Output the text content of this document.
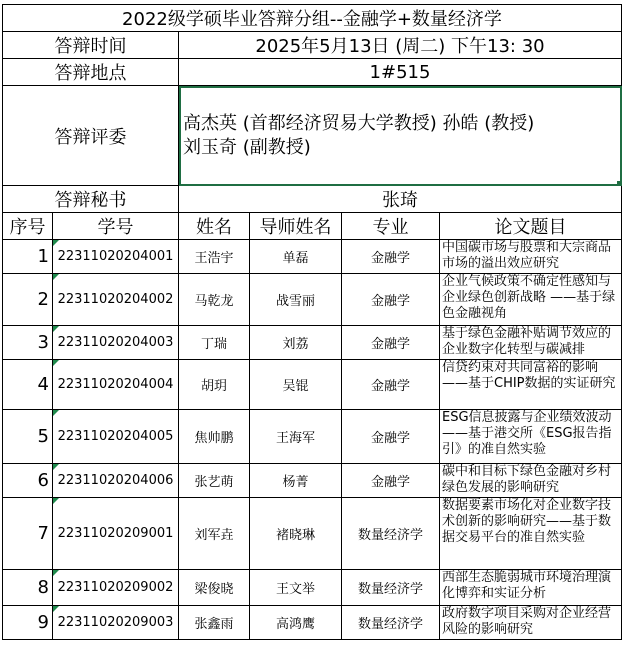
2022级学硕毕业答辩分组--金融学+数量经济学					
答辩时间		2025年5月13日 (周二) 下午13: 30			
答辩地点		1#515			
答辩评委		高杰英 (首都经济贸易大学教授) 孙皓 (教授)
刘玉奇 (副教授)			

答辩秘书		张琦			
序号	学号	姓名	导师姓名	专业	论文题目
1	22311020204001	王浩宇	单磊	金融学	中国碳市场与股票和大宗商品市场的溢出效应研究
2	22311020204002	马乾龙	战雪丽	金融学	企业气候政策不确定性感知与企业绿色创新战略 ——基于绿色金融视角
3	22311020204003	丁瑞	刘荔	金融学	基于绿色金融补贴调节效应的企业数字化转型与碳减排
4	22311020204004	胡玥	吴锟	金融学	信贷约束对共同富裕的影响——基于CHIP数据的实证研究
5	22311020204005	焦帅鹏	王海军	金融学	ESG信息披露与企业绩效波动——基于港交所《ESG报告指引》的准自然实验
6	22311020204006	张艺萌	杨菁	金融学	碳中和目标下绿色金融对乡村绿色发展的影响研究
7	22311020209001	刘军垚	褚晓琳	数量经济学	数据要素市场化对企业数字技术创新的影响研究——基于数据交易平台的准自然实验
8	22311020209002	梁俊晓	王文举	数量经济学	西部生态脆弱城市环境治理演化博弈和实证分析
9	22311020209003	张鑫雨	高鸿鹰	数量经济学	政府数字项目采购对企业经营风险的影响研究
